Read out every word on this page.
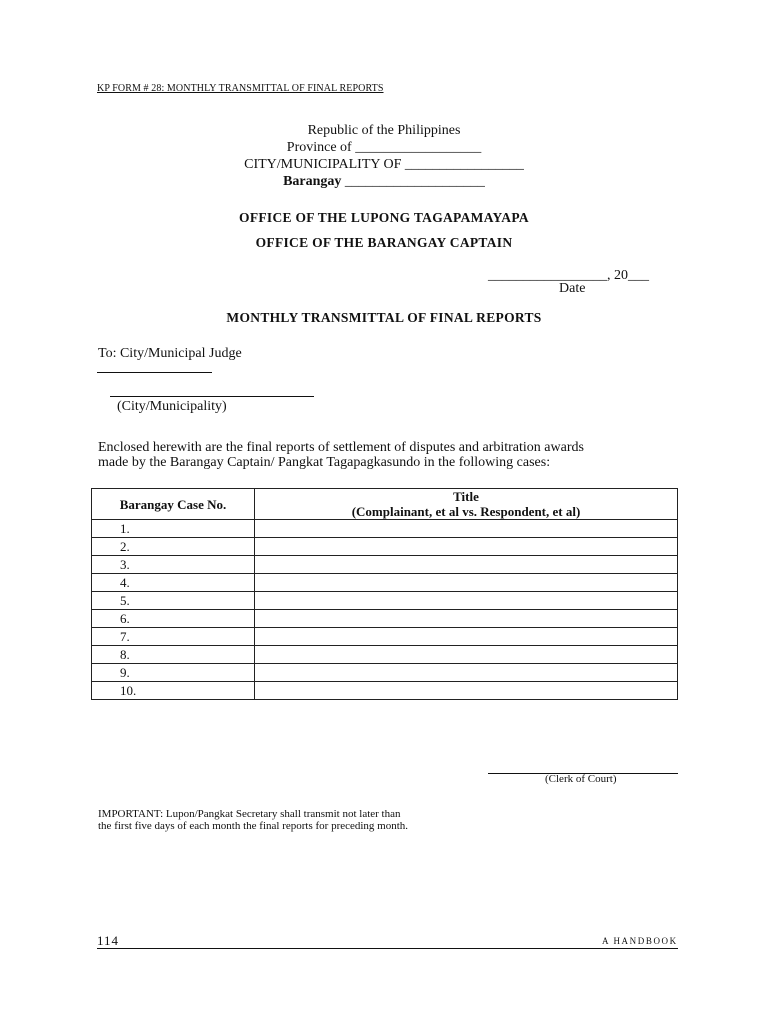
KP FORM # 28: MONTHLY TRANSMITTAL OF FINAL REPORTS
Republic of the Philippines
Province of __________________
CITY/MUNICIPALITY OF _________________
Barangay ____________________
OFFICE OF THE LUPONG TAGAPAMAYAPA
OFFICE OF THE BARANGAY CAPTAIN
_________________, 20___
Date
MONTHLY TRANSMITTAL OF FINAL REPORTS
To: City/Municipal Judge
(City/Municipality)
Enclosed herewith are the final reports of settlement of disputes and arbitration awards
made by the Barangay Captain/ Pangkat Tagapagkasundo in the following cases:
Barangay Case No.	Title
(Complainant, et al vs. Respondent, et al)

1.	
2.	
3.	
4.	
5.	
6.	
7.	
8.	
9.	
10.	
(Clerk of Court)
IMPORTANT: Lupon/Pangkat Secretary shall transmit not later than
the first five days of each month the final reports for preceding month.
114	A HANDBOOK
